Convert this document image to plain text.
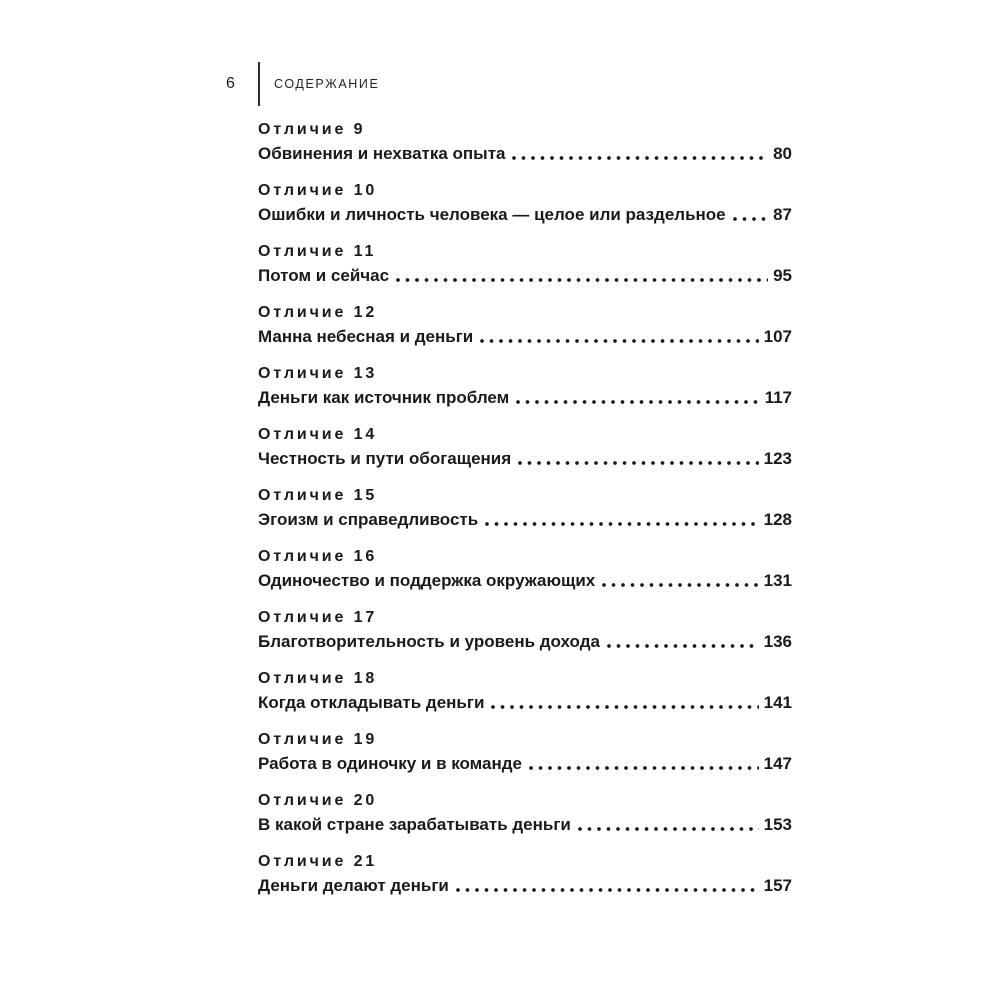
6	СОДЕРЖАНИЕ
Отличие 9
Обвинения и нехватка опыта	80
Отличие 10
Ошибки и личность человека — целое или раздельное	87
Отличие 11
Потом и сейчас	95
Отличие 12
Манна небесная и деньги	107
Отличие 13
Деньги как источник проблем	117
Отличие 14
Честность и пути обогащения	123
Отличие 15
Эгоизм и справедливость	128
Отличие 16
Одиночество и поддержка окружающих	131
Отличие 17
Благотворительность и уровень дохода	136
Отличие 18
Когда откладывать деньги	141
Отличие 19
Работа в одиночку и в команде	147
Отличие 20
В какой стране зарабатывать деньги	153
Отличие 21
Деньги делают деньги	157
